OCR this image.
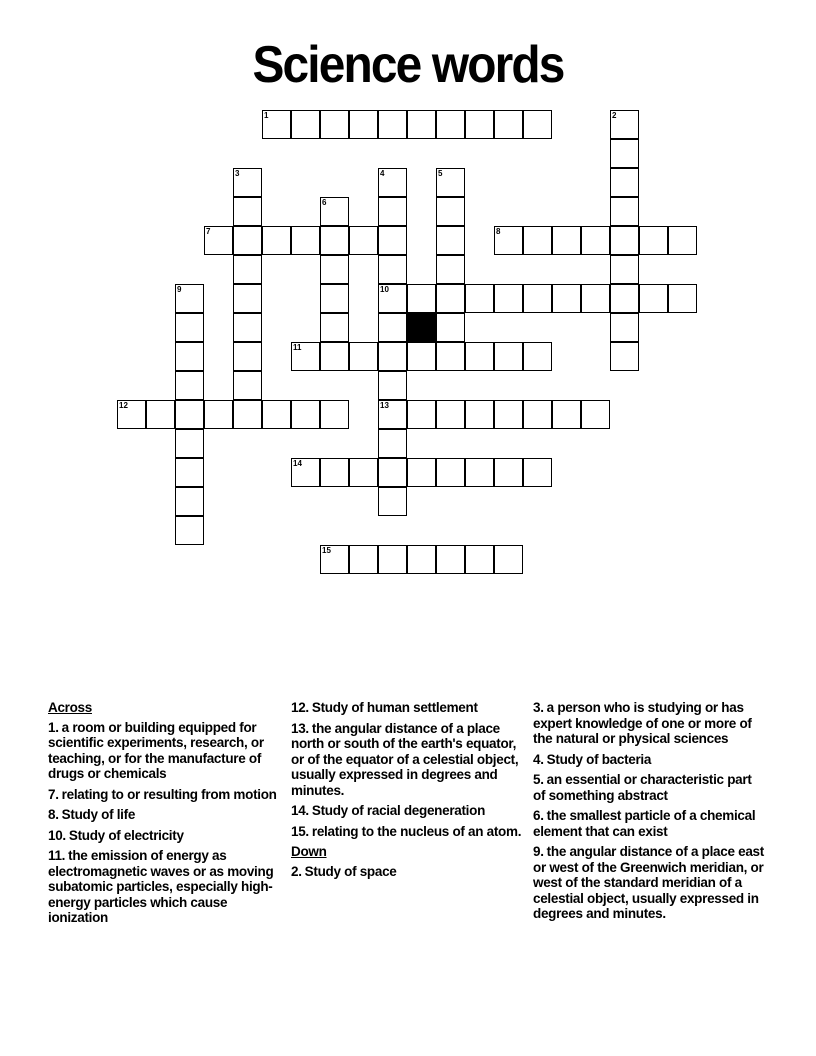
Science words
1	2
3	4
10
13
5
6
7	8
9
11
12
14
15
Across
1. a room or building equipped for scientific experiments, research, or teaching, or for the manufacture of drugs or chemicals
7. relating to or resulting from motion
8. Study of life
10. Study of electricity
11. the emission of energy as electromagnetic waves or as moving subatomic particles, especially high-energy particles which cause ionization
12. Study of human settlement
13. the angular distance of a place north or south of the earth's equator, or of the equator of a celestial object, usually expressed in degrees and minutes.
14. Study of racial degeneration
15. relating to the nucleus of an atom.
Down
2. Study of space
3. a person who is studying or has expert knowledge of one or more of the natural or physical sciences
4. Study of bacteria
5. an essential or characteristic part of something abstract
6. the smallest particle of a chemical element that can exist
9. the angular distance of a place east or west of the Greenwich meridian, or west of the standard meridian of a celestial object, usually expressed in degrees and minutes.
